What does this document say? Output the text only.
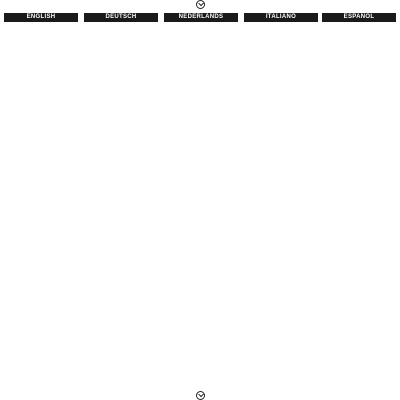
ENGLISH	DEUTSCH	NEDERLANDS	ITALIANO	ESPAÑOL
